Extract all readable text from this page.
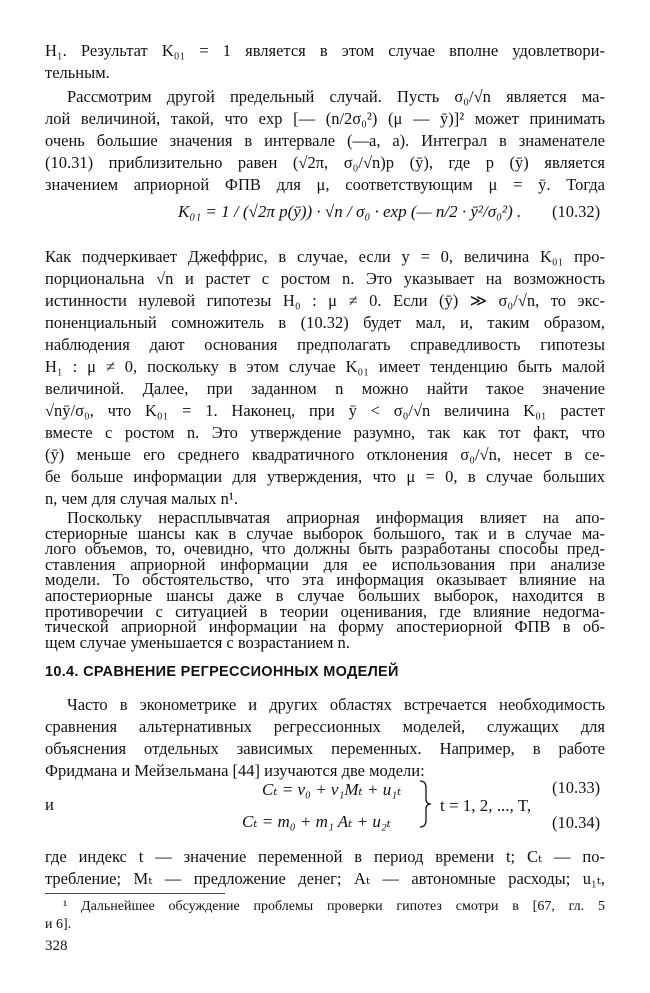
H₁. Результат K₀₁ = 1 является в этом случае вполне удовлетвори-
тельным.
Рассмотрим другой предельный случай. Пусть σ₀/√n является ма-
лой величиной, такой, что exp [— (n/2σ₀²) (μ — ȳ)]² может принимать
очень большие значения в интервале (—a, a). Интеграл в знаменателе
(10.31) приблизительно равен (√2π, σ₀/√n)p (ȳ), где p (ȳ) является
значением априорной ФПВ для μ, соответствующим μ = ȳ. Тогда
K₀₁ = 1 / (√2π p(ȳ)) · √n / σ₀ · exp (— n/2 · ȳ²/σ₀²) . (10.32)
Как подчеркивает Джеффрис, в случае, если y = 0, величина K₀₁ про-
порциональна √n и растет с ростом n. Это указывает на возможность
истинности нулевой гипотезы H₀ : μ ≠ 0. Если (ȳ) ≫ σ₀/√n, то экс-
поненциальный сомножитель в (10.32) будет мал, и, таким образом,
наблюдения дают основания предполагать справедливость гипотезы
H₁ : μ ≠ 0, поскольку в этом случае K₀₁ имеет тенденцию быть малой
величиной. Далее, при заданном n можно найти такое значение
√nȳ/σ₀, что K₀₁ = 1. Наконец, при ȳ < σ₀/√n величина K₀₁ растет
вместе с ростом n. Это утверждение разумно, так как тот факт, что
(ȳ) меньше его среднего квадратичного отклонения σ₀/√n, несет в се-
бе больше информации для утверждения, что μ = 0, в случае больших
n, чем для случая малых n¹.
10.4. СРАВНЕНИЕ РЕГРЕССИОННЫХ МОДЕЛЕЙ
Часто в эконометрике и других областях встречается необходимость
сравнения альтернативных регрессионных моделей, служащих для
объяснения отдельных зависимых переменных. Например, в работе
Фридмана и Мейзельмана [44] изучаются две модели:
и
Cₜ = v₀ + v₁Mₜ + u₁ₜ
Cₜ = m₀ + m₁ Aₜ + u₂ₜ
t = 1, 2, ..., T,
(10.33)
(10.34)
где индекс t — значение переменной в период времени t; Cₜ — по-
требление; Mₜ — предложение денег; Aₜ — автономные расходы; u₁ₜ,
¹ Дальнейшее обсуждение проблемы проверки гипотез смотри в [67, гл. 5
и 6].
328
Поскольку нерасплывчатая априорная информация влияет на апо-
стериорные шансы как в случае выборок большого, так и в случае ма-
лого объемов, то, очевидно, что должны быть разработаны способы пред-
ставления априорной информации для ее использования при анализе
модели. То обстоятельство, что эта информация оказывает влияние на
апостериорные шансы даже в случае больших выборок, находится в
противоречии с ситуацией в теории оценивания, где влияние недогма-
тической априорной информации на форму апостериорной ФПВ в об-
щем случае уменьшается с возрастанием n.
